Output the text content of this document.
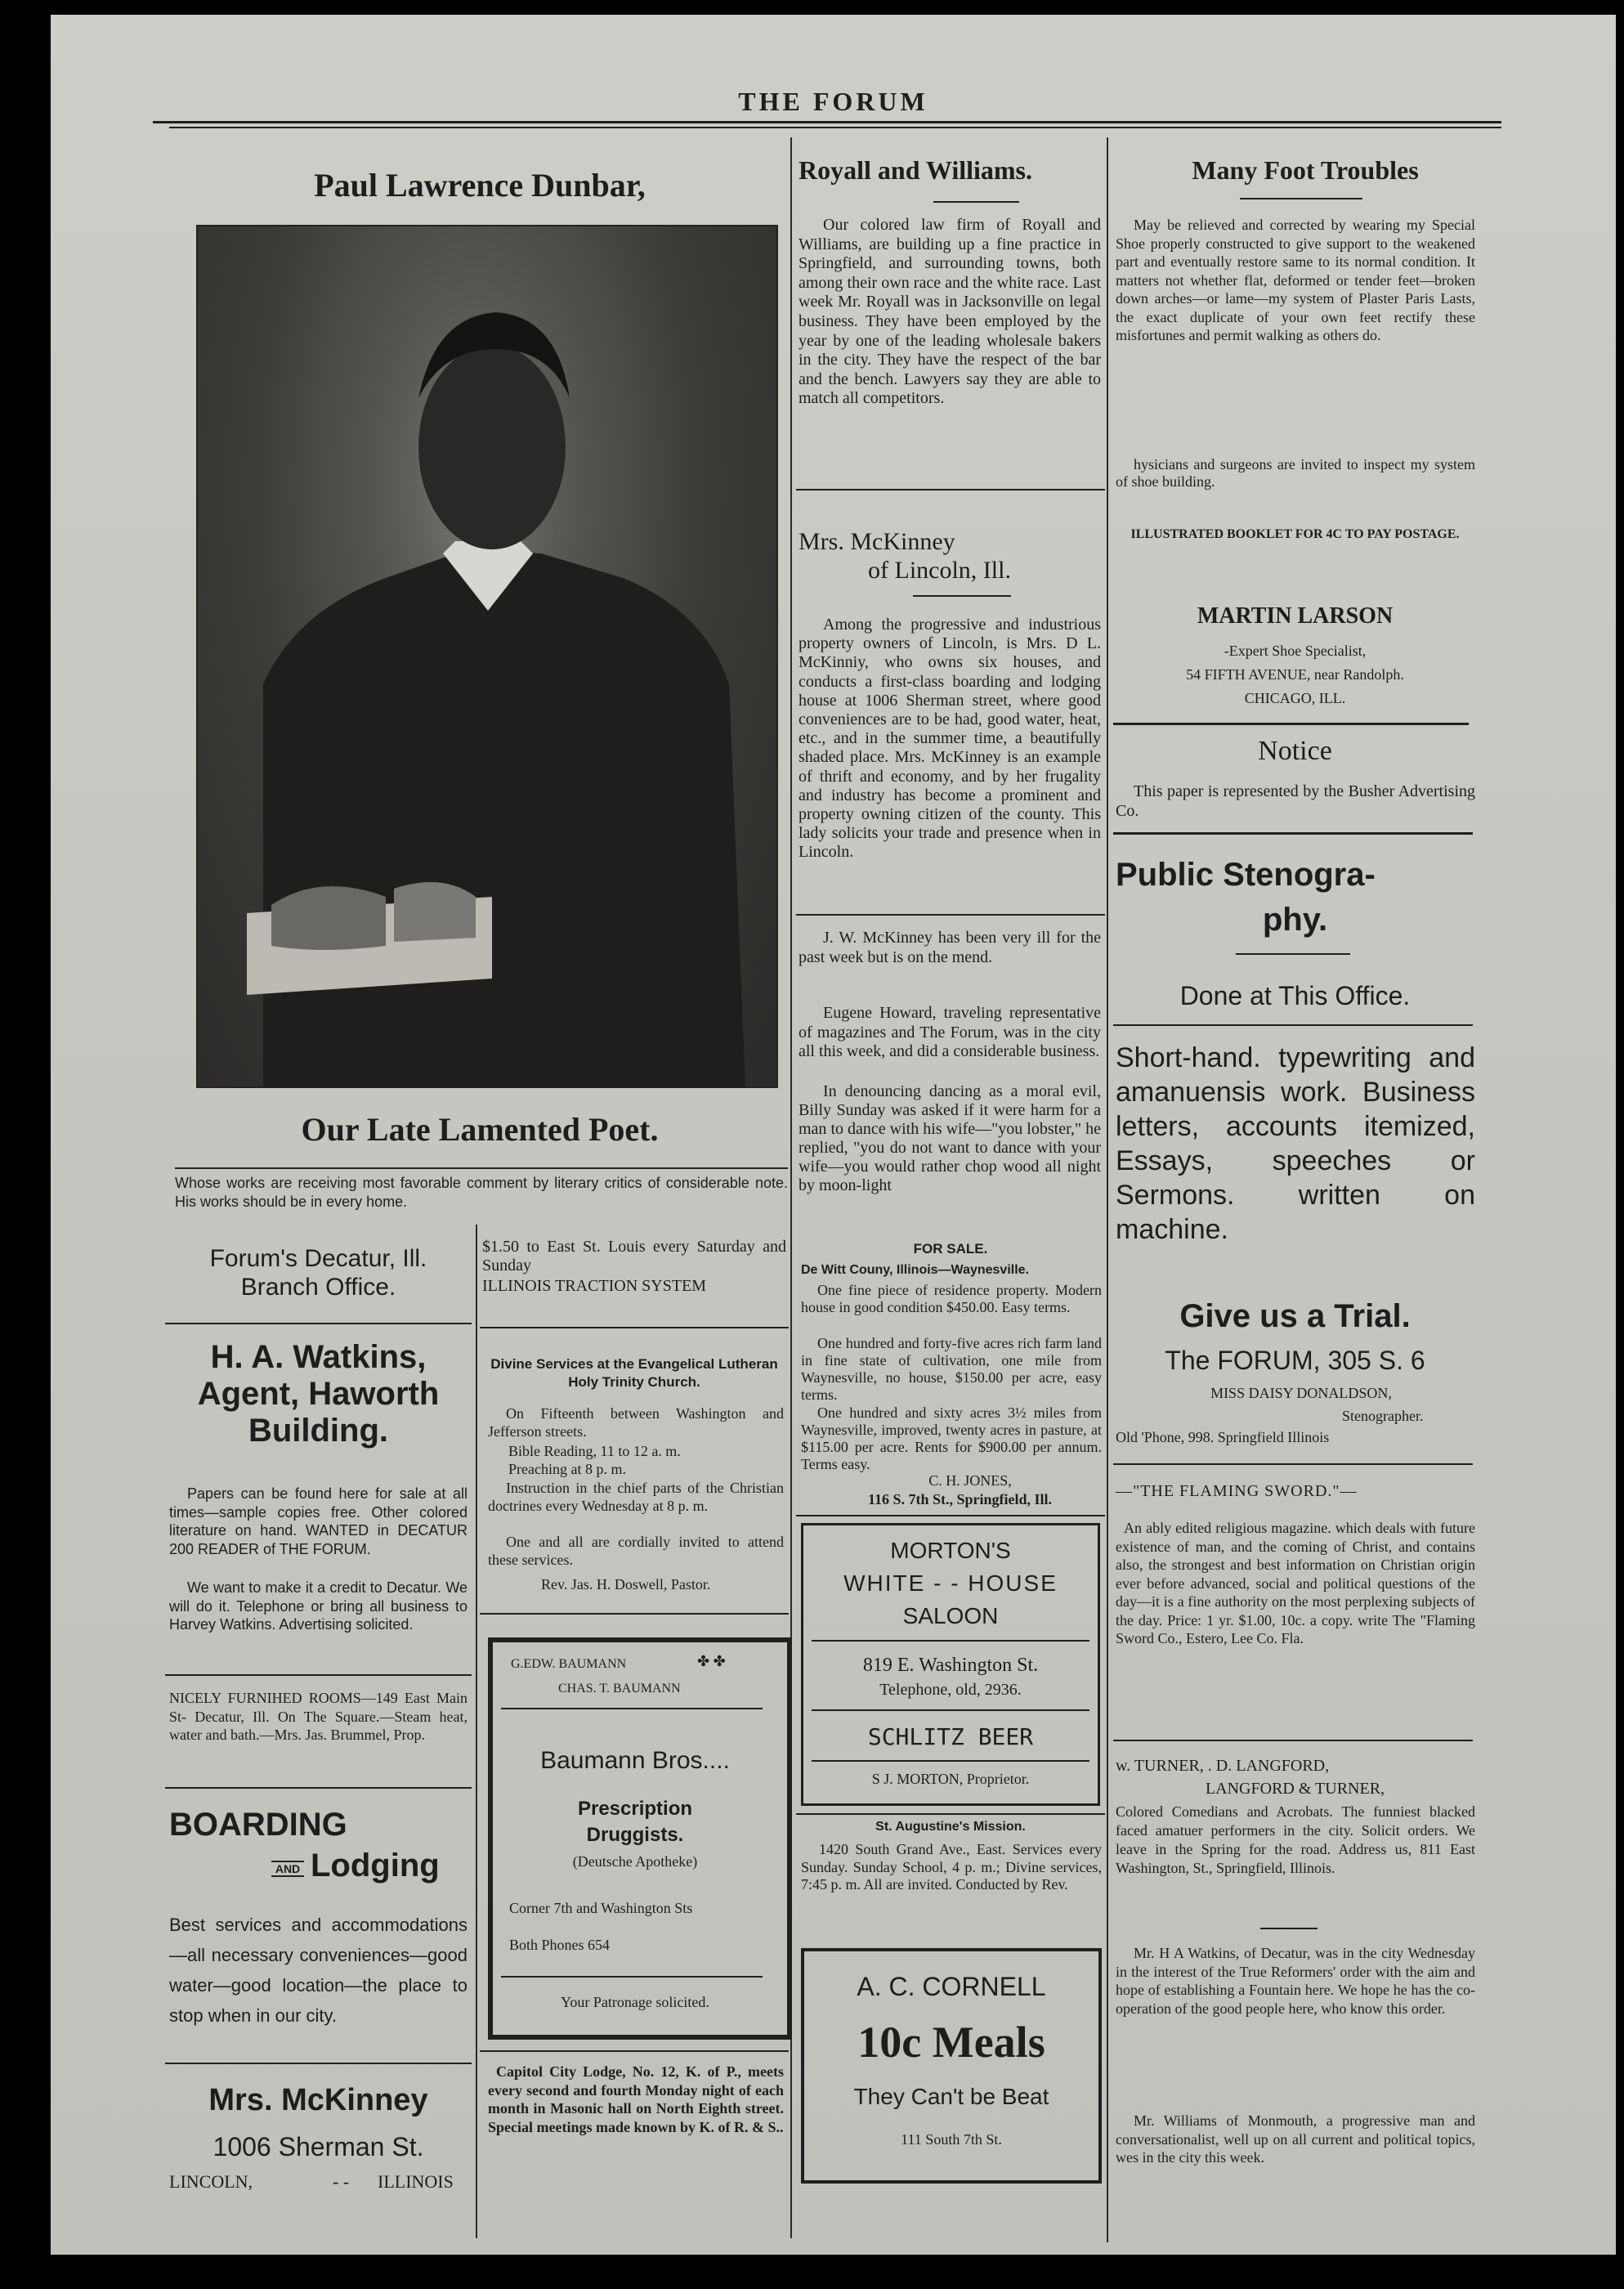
THE FORUM
Paul Lawrence Dunbar,
Our Late Lamented Poet.
Whose works are receiving most favorable comment by literary critics of considerable note. His works should be in every home.
Royall and Williams.

Our colored law firm of Royall and Williams, are building up a fine practice in Springfield, and surrounding towns, both among their own race and the white race. Last week Mr. Royall was in Jacksonville on legal business. They have been employed by the year by one of the leading wholesale bakers in the city. They have the respect of the bar and the bench. Lawyers say they are able to match all competitors.

Mrs. McKinney
of Lincoln, Ill.

Among the progressive and industrious property owners of Lincoln, is Mrs. D L. McKinniy, who owns six houses, and conducts a first-class boarding and lodging house at 1006 Sherman street, where good conveniences are to be had, good water, heat, etc., and in the summer time, a beautifully shaded place. Mrs. McKinney is an example of thrift and economy, and by her frugality and industry has become a prominent and property owning citizen of the county. This lady solicits your trade and presence when in Lincoln.

J. W. McKinney has been very ill for the past week but is on the mend.

Eugene Howard, traveling representative of magazines and The Forum, was in the city all this week, and did a considerable business.

In denouncing dancing as a moral evil, Billy Sunday was asked if it were harm for a man to dance with his wife—"you lobster," he replied, "you do not want to dance with your wife—you would rather chop wood all night by moon-light

Many Foot Troubles

May be relieved and corrected by wearing my Special Shoe properly constructed to give support to the weakened part and eventually restore same to its normal condition. It matters not whether flat, deformed or tender feet—broken down arches—or lame—my system of Plaster Paris Lasts, the exact duplicate of your own feet rectify these misfortunes and permit walking as others do.

hysicians and surgeons are invited to inspect my system of shoe building.

ILLUSTRATED BOOKLET FOR 4C TO PAY POSTAGE.

MARTIN LARSON
-Expert Shoe Specialist,
54 FIFTH AVENUE, near Randolph.
CHICAGO, ILL.
Notice

This paper is represented by the Busher Advertising Co.

Public Stenogra-
phy.
Done at This Office.

Short-hand. typewriting and amanuensis work. Business letters, accounts itemized, Essays, speeches or Sermons. written on machine.

Give us a Trial.
The FORUM, 305 S. 6
MISS DAISY DONALDSON,
Stenographer.
Old 'Phone, 998. Springfield Illinois
—"THE FLAMING SWORD."—

An ably edited religious magazine. which deals with future existence of man, and the coming of Christ, and contains also, the strongest and best information on Christian origin ever before advanced, social and political questions of the day—it is a fine authority on the most perplexing subjects of the day. Price: 1 yr. $1.00, 10c. a copy. write The "Flaming Sword Co., Estero, Lee Co. Fla.

w. TURNER, . D. LANGFORD,
LANGFORD & TURNER,

Colored Comedians and Acrobats. The funniest blacked faced amatuer performers in the city. Solicit orders. We leave in the Spring for the road. Address us, 811 East Washington, St., Springfield, Illinois.

Mr. H A Watkins, of Decatur, was in the city Wednesday in the interest of the True Reformers' order with the aim and hope of establishing a Fountain here. We hope he has the co-operation of the good people here, who know this order.

Mr. Williams of Monmouth, a progressive man and conversationalist, well up on all current and political topics, wes in the city this week.

Forum's Decatur, Ill.
Branch Office.
H. A. Watkins,
Agent, Haworth
Building.

Papers can be found here for sale at all times—sample copies free. Other colored literature on hand. WANTED in DECATUR 200 READER of THE FORUM.

We want to make it a credit to Decatur. We will do it. Telephone or bring all business to Harvey Watkins. Advertising solicited.

NICELY FURNIHED ROOMS—149 East Main St- Decatur, Ill. On The Square.—Steam heat, water and bath.—Mrs. Jas. Brummel, Prop.

BOARDING
AND Lodging

Best services and accommodations—all necessary conveniences—good water—good location—the place to stop when in our city.

Mrs. McKinney
1006 Sherman St.
LINCOLN,	- -	ILLINOIS

$1.50 to East St. Louis every Saturday and Sunday

ILLINOIS TRACTION SYSTEM
Divine Services at the Evangelical Lutheran Holy Trinity Church.

On Fifteenth between Washington and Jefferson streets.

Bible Reading, 11 to 12 a. m.
Preaching at 8 p. m.

Instruction in the chief parts of the Christian doctrines every Wednesday at 8 p. m.

One and all are cordially invited to attend these services.

Rev. Jas. H. Doswell, Pastor.
G.EDW. BAUMANN	✤ ✤
CHAS. T. BAUMANN
Baumann Bros....
Prescription
Druggists.
(Deutsche Apotheke)
Corner 7th and Washington Sts
Both Phones 654
Your Patronage solicited.

Capitol City Lodge, No. 12, K. of P., meets every second and fourth Monday night of each month in Masonic hall on North Eighth street. Special meetings made known by K. of R. & S..

FOR SALE.
De Witt Couny, Illinois—Waynesville.

One fine piece of residence property. Modern house in good condition $450.00. Easy terms.

One hundred and forty-five acres rich farm land in fine state of cultivation, one mile from Waynesville, no house, $150.00 per acre, easy terms.

One hundred and sixty acres 3½ miles from Waynesville, improved, twenty acres in pasture, at $115.00 per acre. Rents for $900.00 per annum. Terms easy.

C. H. JONES,
116 S. 7th St., Springfield, Ill.
MORTON'S
WHITE - - HOUSE
SALOON
819 E. Washington St.
Telephone, old, 2936.
SCHLITZ BEER
S J. MORTON, Proprietor.
St. Augustine's Mission.

1420 South Grand Ave., East. Services every Sunday. Sunday School, 4 p. m.; Divine services, 7:45 p. m. All are invited. Conducted by Rev.

A. C. CORNELL
10c Meals
They Can't be Beat
111 South 7th St.
